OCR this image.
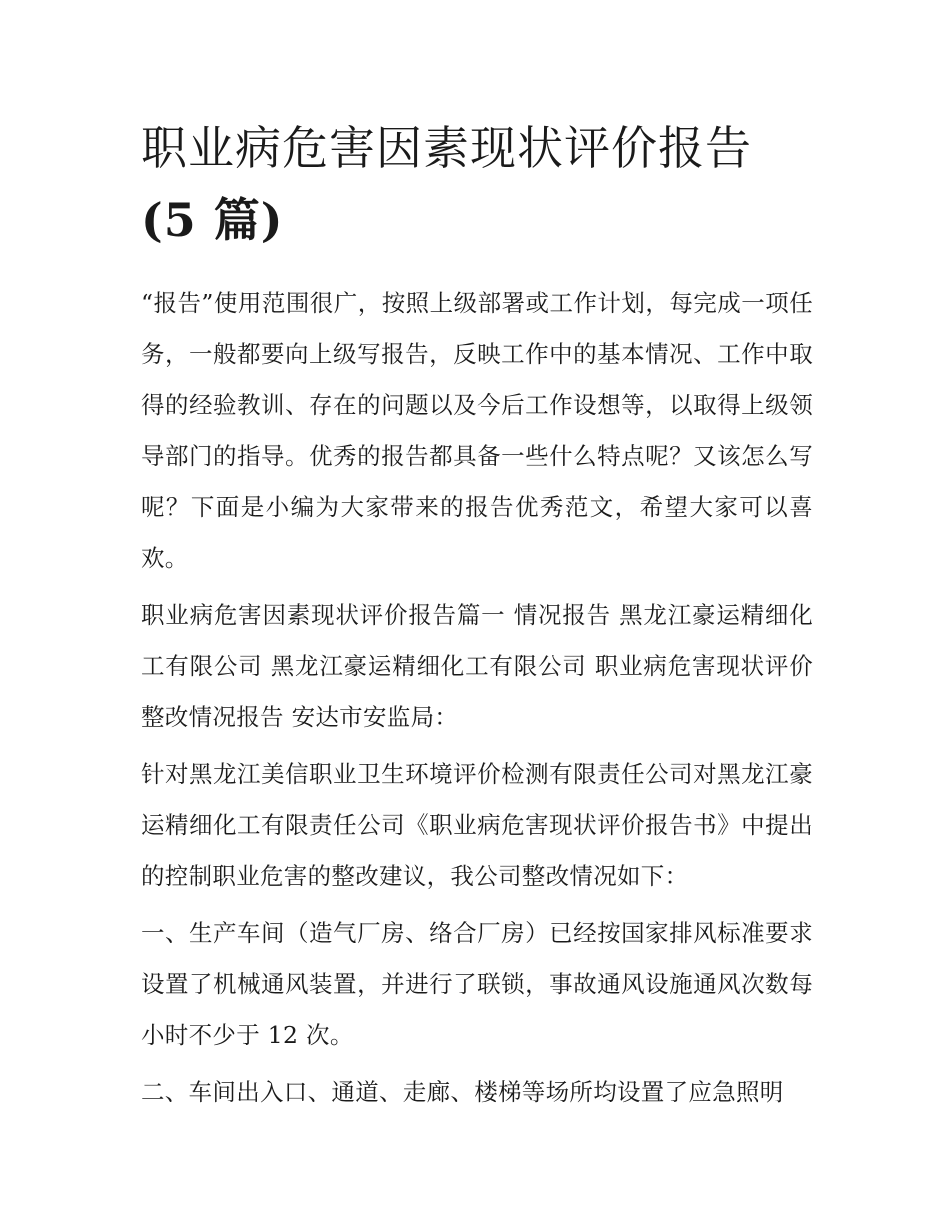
职业病危害因素现状评价报告
(5 篇)

“报告”使用范围很广，按照上级部署或工作计划，每完成一项任务，一般都要向上级写报告，反映工作中的基本情况、工作中取得的经验教训、存在的问题以及今后工作设想等，以取得上级领导部门的指导。优秀的报告都具备一些什么特点呢？又该怎么写呢？下面是小编为大家带来的报告优秀范文，希望大家可以喜欢。

职业病危害因素现状评价报告篇一 情况报告 黑龙江豪运精细化工有限公司 黑龙江豪运精细化工有限公司 职业病危害现状评价整改情况报告 安达市安监局：

针对黑龙江美信职业卫生环境评价检测有限责任公司对黑龙江豪运精细化工有限责任公司《职业病危害现状评价报告书》中提出的控制职业危害的整改建议，我公司整改情况如下：

一、生产车间（造气厂房、络合厂房）已经按国家排风标准要求设置了机械通风装置，并进行了联锁，事故通风设施通风次数每小时不少于 12 次。

二、车间出入口、通道、走廊、楼梯等场所均设置了应急照明
